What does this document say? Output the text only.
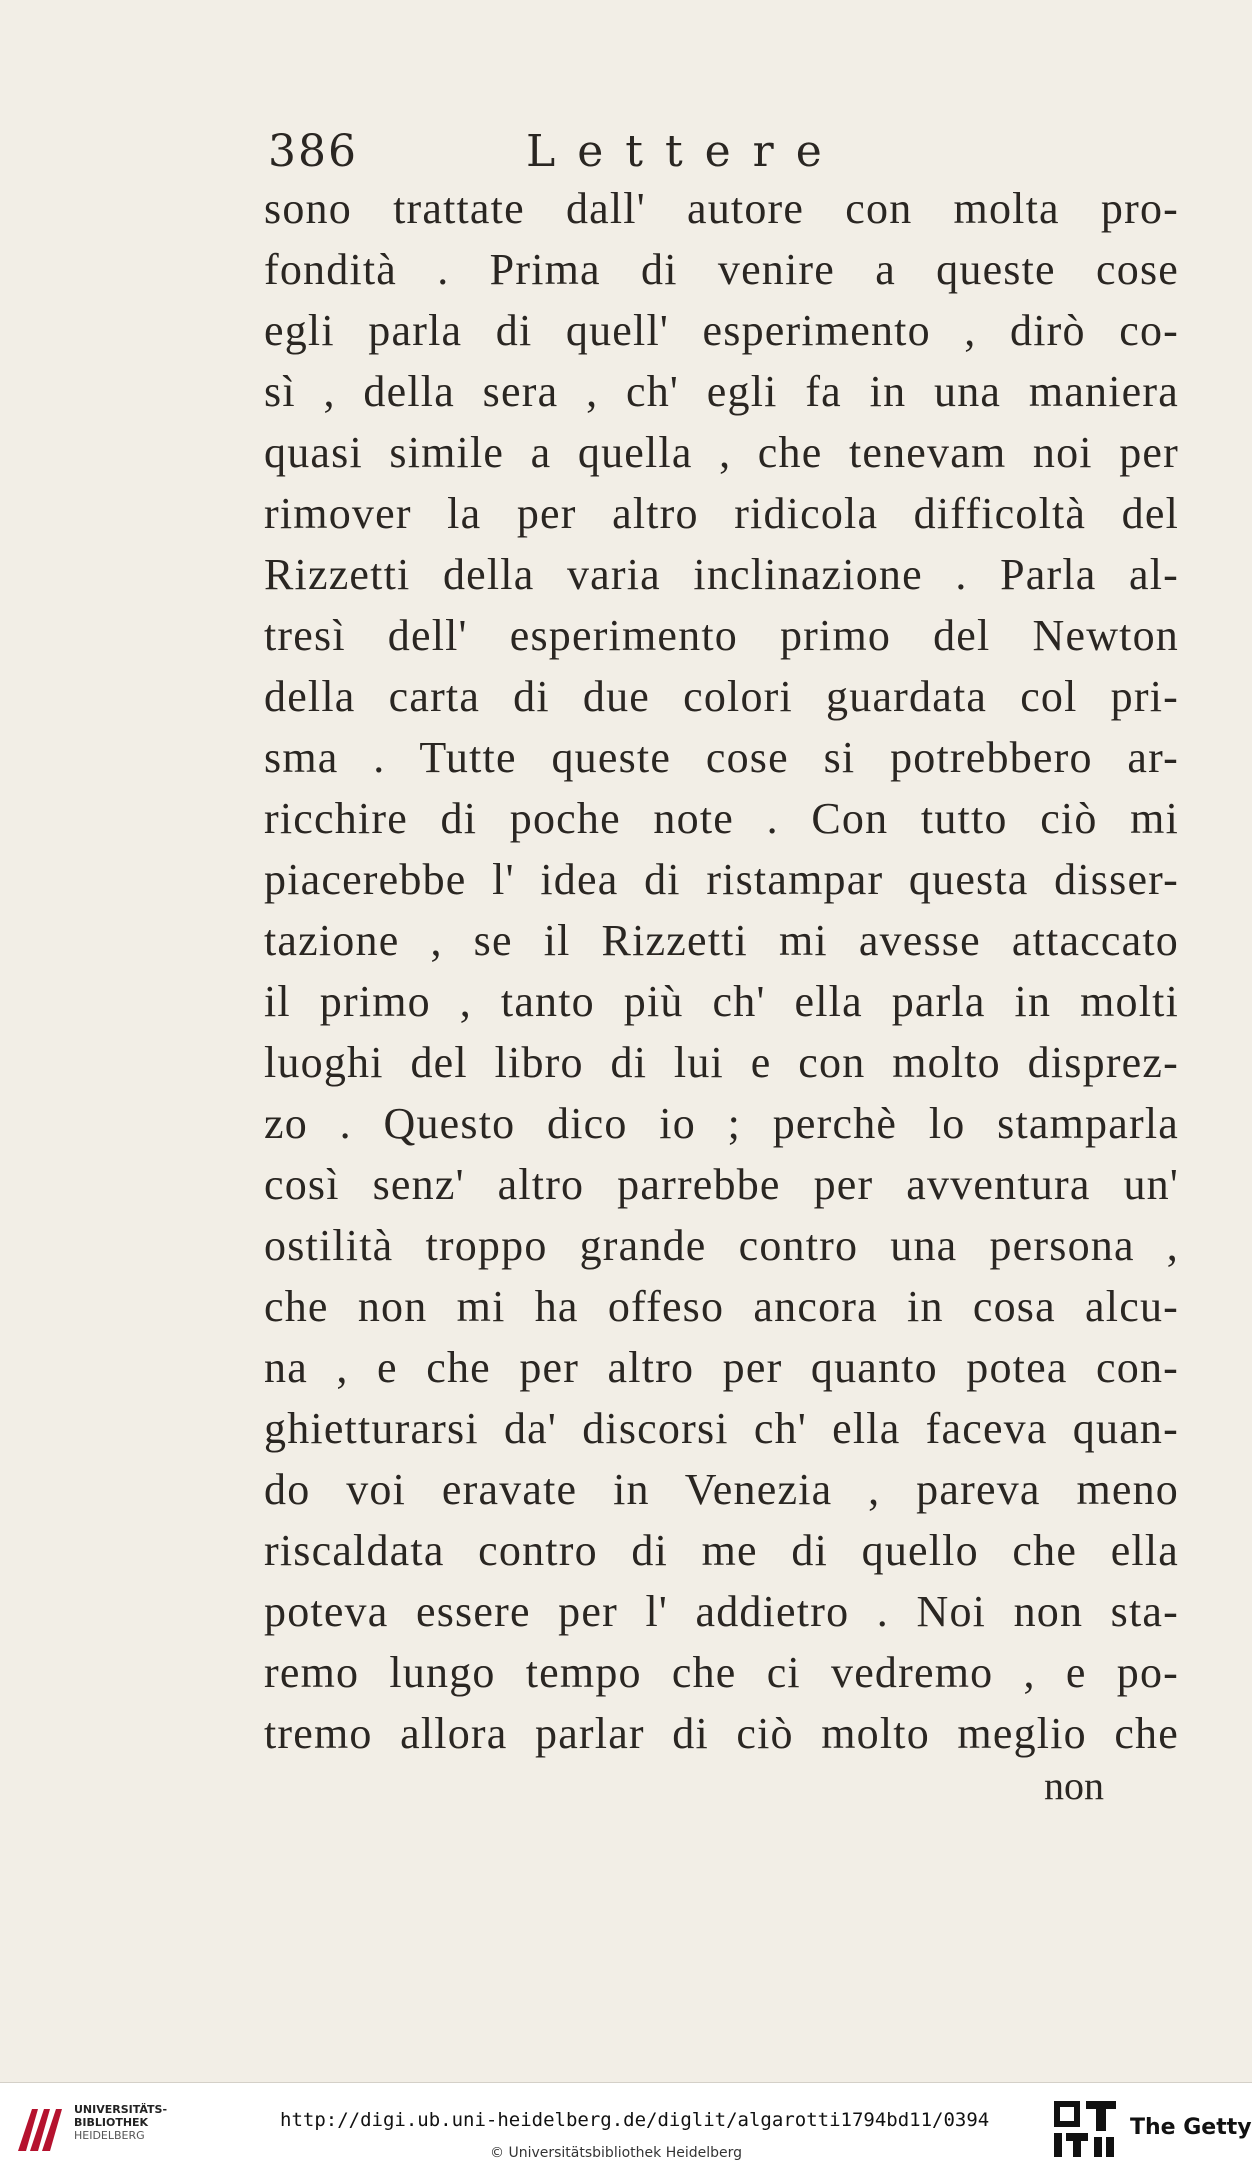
386	Lettere
sono trattate dall' autore con molta pro-
fondità . Prima di venire a queste cose
egli parla di quell' esperimento , dirò co-
sì , della sera , ch' egli fa in una maniera
quasi simile a quella , che tenevam noi per
rimover la per altro ridicola difficoltà del
Rizzetti della varia inclinazione . Parla al-
tresì dell' esperimento primo del Newton
della carta di due colori guardata col pri-
sma . Tutte queste cose si potrebbero ar-
ricchire di poche note . Con tutto ciò mi
piacerebbe l' idea di ristampar questa disser-
tazione , se il Rizzetti mi avesse attaccato
il primo , tanto più ch' ella parla in molti
luoghi del libro di lui e con molto disprez-
zo . Questo dico io ; perchè lo stamparla
così senz' altro parrebbe per avventura un'
ostilità troppo grande contro una persona ,
che non mi ha offeso ancora in cosa alcu-
na , e che per altro per quanto potea con-
ghietturarsi da' discorsi ch' ella faceva quan-
do voi eravate in Venezia , pareva meno
riscaldata contro di me di quello che ella
poteva essere per l' addietro . Noi non sta-
remo lungo tempo che ci vedremo , e po-
tremo allora parlar di ciò molto meglio che
non
UNIVERSITÄTS-
BIBLIOTHEK
HEIDELBERG
http://digi.ub.uni-heidelberg.de/diglit/algarotti1794bd11/0394
© Universitätsbibliothek Heidelberg
The Getty
